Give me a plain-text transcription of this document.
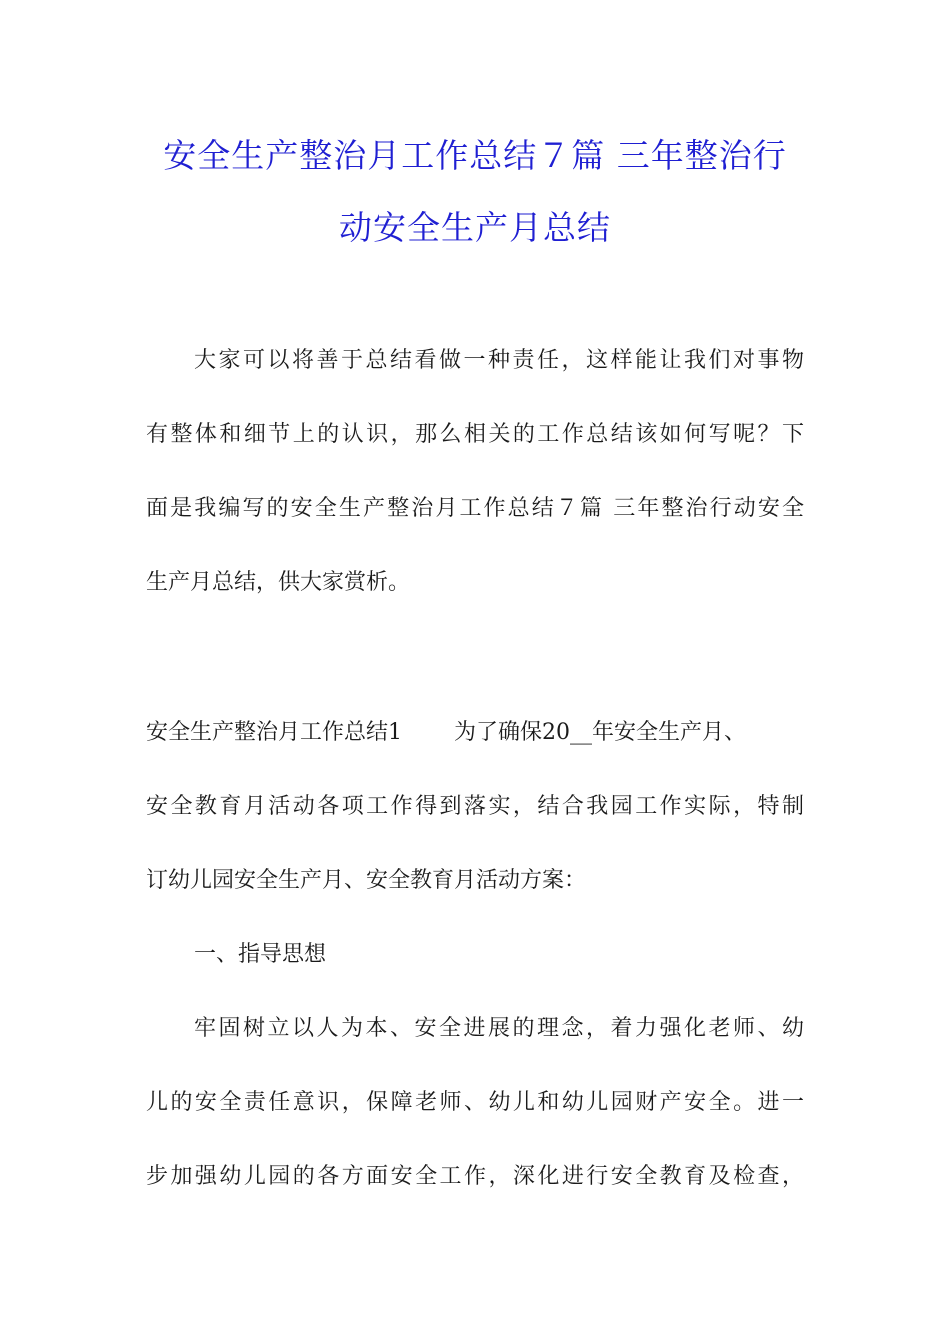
安全生产整治月工作总结７篇 三年整治行
动安全生产月总结
大家可以将善于总结看做一种责任，这样能让我们对事物
有整体和细节上的认识，那么相关的工作总结该如何写呢？下
面是我编写的安全生产整治月工作总结７篇 三年整治行动安全
生产月总结，供大家赏析。
安全生产整治月工作总结1 为了确保20__年安全生产月、
安全教育月活动各项工作得到落实，结合我园工作实际，特制
订幼儿园安全生产月、安全教育月活动方案：
一、指导思想
牢固树立以人为本、安全进展的理念，着力强化老师、幼
儿的安全责任意识，保障老师、幼儿和幼儿园财产安全。进一
步加强幼儿园的各方面安全工作，深化进行安全教育及检查，
